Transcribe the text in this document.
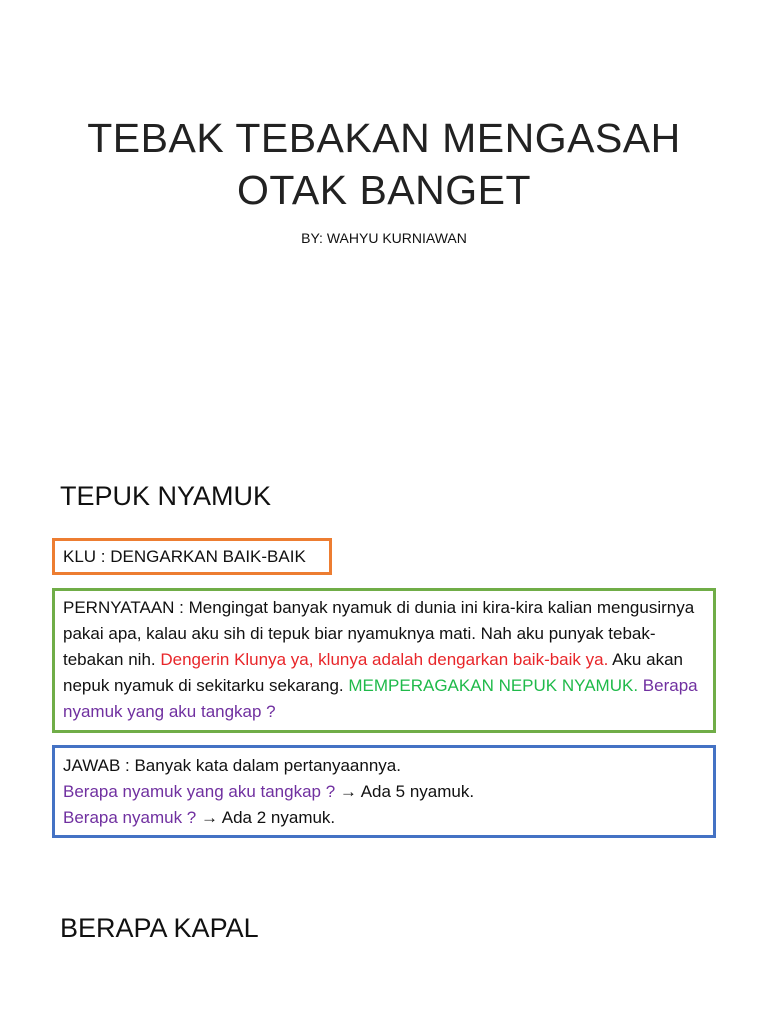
TEBAK TEBAKAN MENGASAH
OTAK BANGET
BY: WAHYU KURNIAWAN
TEPUK NYAMUK
KLU : DENGARKAN BAIK-BAIK
PERNYATAAN : Mengingat banyak nyamuk di dunia ini kira-kira kalian mengusirnya pakai apa, kalau aku sih di tepuk biar nyamuknya mati. Nah aku punyak tebak-tebakan nih. Dengerin Klunya ya, klunya adalah dengarkan baik-baik ya. Aku akan nepuk nyamuk di sekitarku sekarang. MEMPERAGAKAN NEPUK NYAMUK. Berapa nyamuk yang aku tangkap ?
JAWAB : Banyak kata dalam pertanyaannya.
Berapa nyamuk yang aku tangkap ? → Ada 5 nyamuk.
Berapa nyamuk ? → Ada 2 nyamuk.
BERAPA KAPAL
